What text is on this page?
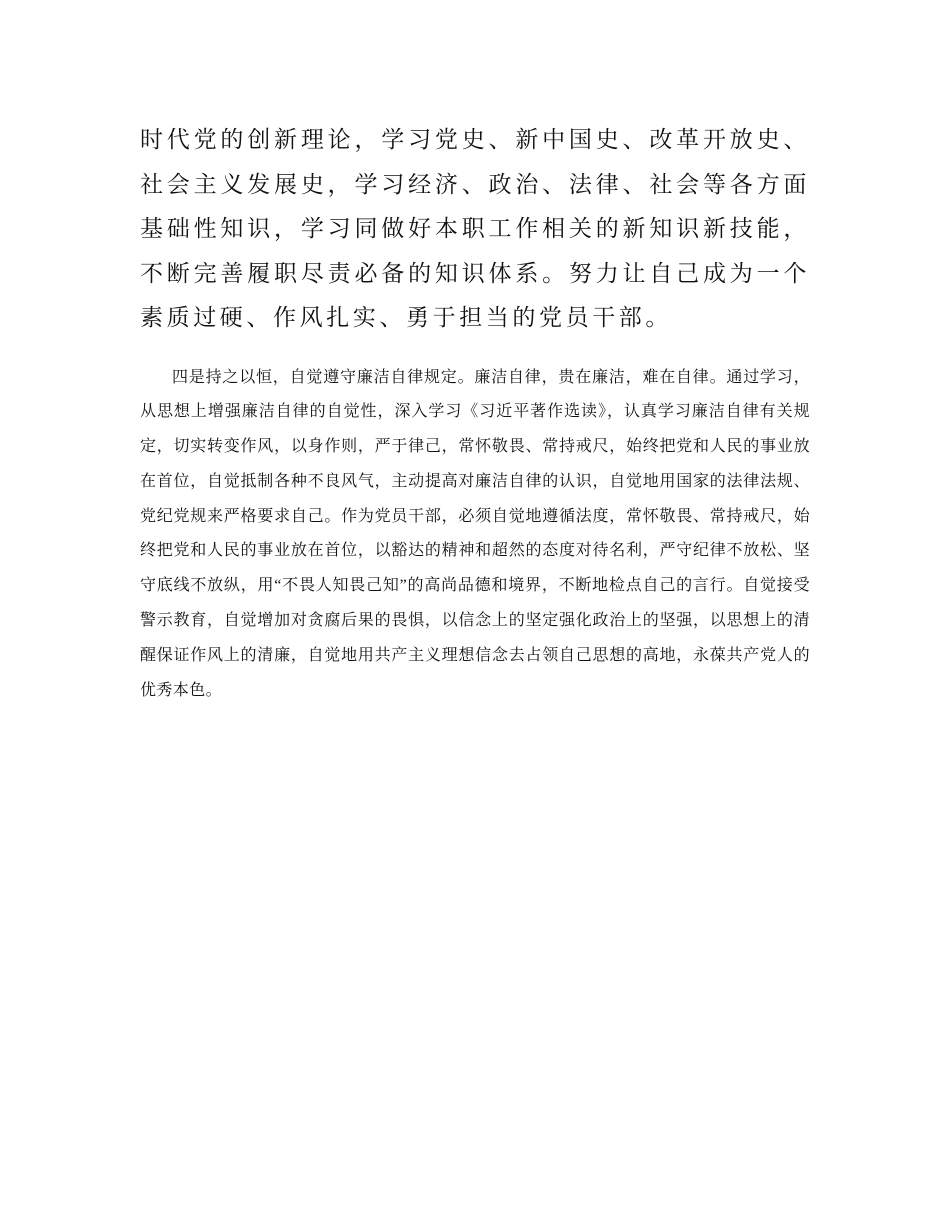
时代党的创新理论，学习党史、新中国史、改革开放史、社会主义发展史，学习经济、政治、法律、社会等各方面基础性知识，学习同做好本职工作相关的新知识新技能，不断完善履职尽责必备的知识体系。努力让自己成为一个素质过硬、作风扎实、勇于担当的党员干部。

四是持之以恒，自觉遵守廉洁自律规定。廉洁自律，贵在廉洁，难在自律。通过学习，从思想上增强廉洁自律的自觉性，深入学习《习近平著作选读》，认真学习廉洁自律有关规定，切实转变作风，以身作则，严于律己，常怀敬畏、常持戒尺，始终把党和人民的事业放在首位，自觉抵制各种不良风气，主动提高对廉洁自律的认识，自觉地用国家的法律法规、党纪党规来严格要求自己。作为党员干部，必须自觉地遵循法度，常怀敬畏、常持戒尺，始终把党和人民的事业放在首位，以豁达的精神和超然的态度对待名利，严守纪律不放松、坚守底线不放纵，用“不畏人知畏己知”的高尚品德和境界，不断地检点自己的言行。自觉接受警示教育，自觉增加对贪腐后果的畏惧，以信念上的坚定强化政治上的坚强，以思想上的清醒保证作风上的清廉，自觉地用共产主义理想信念去占领自己思想的高地，永葆共产党人的优秀本色。
